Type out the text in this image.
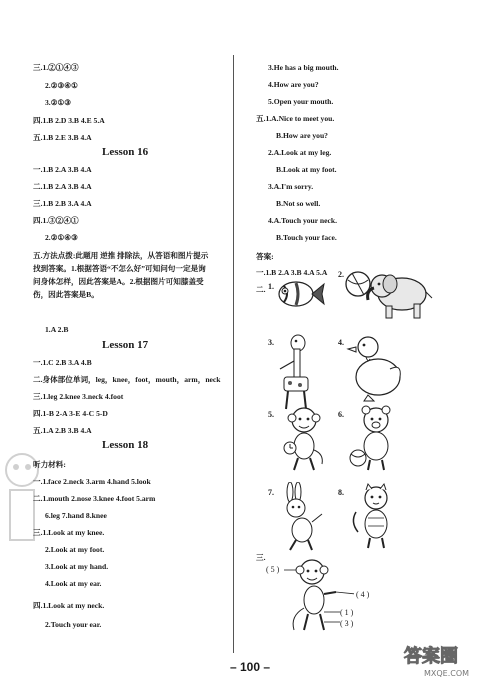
三.1.②①④③
2.②③④①
3.②①③
四.1.B 2.D 3.B 4.E 5.A
五.1.B 2.E 3.B 4.A
Lesson 16
一.1.B 2.A 3.B 4.A
二.1.B 2.A 3.B 4.A
三.1.B 2.B 3.A 4.A
四.1.③②④①
2.②①④③
五.方法点拨:此题用 逆推 排除法，从答语和图片提示找到答案。1.根据答语“不怎么好”可知问句一定是询问身体怎样，因此答案是A。2.根据图片可知膝盖受伤，因此答案是B。
1.A 2.B
Lesson 17
一.1.C 2.B 3.A 4.B
二.身体部位单词，leg，knee，foot，mouth，arm，neck
三.1.leg 2.knee 3.neck 4.foot
四.1-B 2-A 3-E 4-C 5-D
五.1.A 2.B 3.B 4.A
Lesson 18
听力材料:
一.1.face 2.neck 3.arm 4.hand 5.look
二.1.mouth 2.nose 3.knee 4.foot 5.arm
6.leg 7.hand 8.knee
三.1.Look at my knee.
2.Look at my foot.
3.Look at my hand.
4.Look at my ear.
四.1.Look at my neck.
2.Touch your ear.
3.He has a big mouth.
4.How are you?
5.Open your mouth.
五.1.A.Nice to meet you.
B.How are you?
2.A.Look at my leg.
B.Look at my foot.
3.A.I'm sorry.
B.Not so well.
4.A.Touch your neck.
B.Touch your face.
答案:
一.1.B 2.A 3.B 4.A 5.A
二. 1.
2.
3.	4.
5.	6.
7.	8.
三.
( 5 )
( 4 )
( 1 )
( 3 )
– 100 –	答案圈
MXQE.COM
